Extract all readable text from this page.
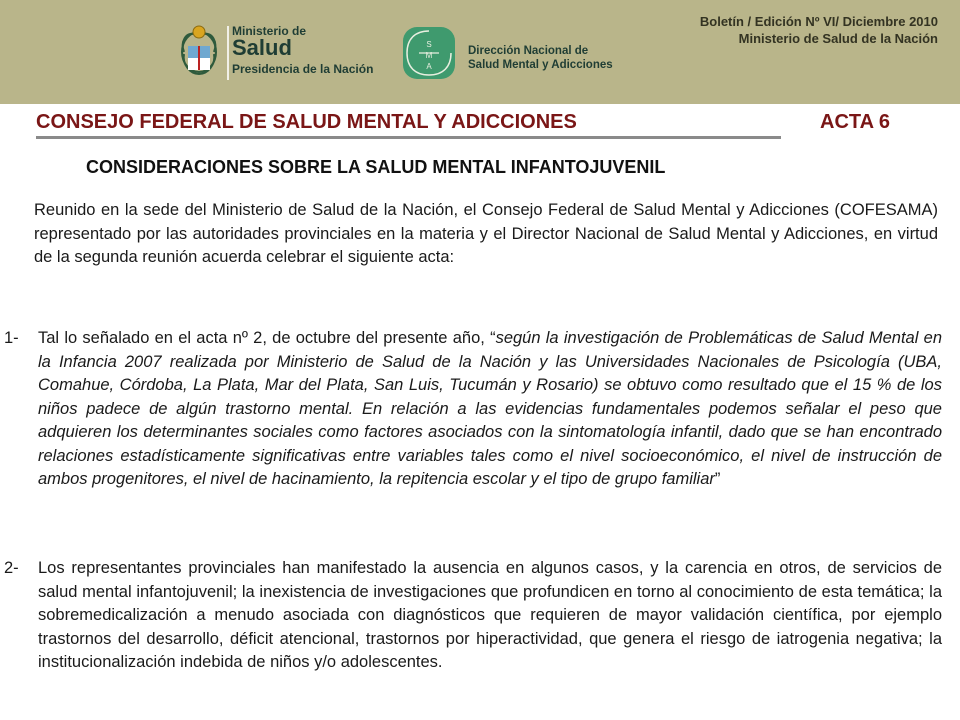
Ministerio de
Salud
Presidencia de la Nación
S
M
A
Dirección Nacional de
Salud Mental y Adicciones
Boletín / Edición Nº VI/ Diciembre 2010
Ministerio de Salud de la Nación
CONSEJO FEDERAL DE SALUD MENTAL Y ADICCIONES	ACTA 6
CONSIDERACIONES SOBRE LA SALUD MENTAL INFANTOJUVENIL

Reunido en la sede del Ministerio de Salud de la Nación, el Consejo Federal de Salud Mental y Adicciones (COFESAMA) representado por las autoridades provinciales en la materia y el Director Nacional de Salud Mental y Adicciones, en virtud de la segunda reunión acuerda celebrar el siguiente acta:

1- Tal lo señalado en el acta nº 2, de octubre del presente año, “según la investigación de Problemáticas de Salud Mental en la Infancia 2007 realizada por Ministerio de Salud de la Nación y las Universidades Nacionales de Psicología (UBA, Comahue, Córdoba, La Plata, Mar del Plata, San Luis, Tucumán y Rosario) se obtuvo como resultado que el 15 % de los niños padece de algún trastorno mental. En relación a las evidencias fundamentales podemos señalar el peso que adquieren los determinantes sociales como factores asociados con la sintomatología infantil, dado que se han encontrado relaciones estadísticamente significativas entre variables tales como el nivel socioeconómico, el nivel de instrucción de ambos progenitores, el nivel de hacinamiento, la repitencia escolar y el tipo de grupo familiar”
2- Los representantes provinciales han manifestado la ausencia en algunos casos, y la carencia en otros, de servicios de salud mental infantojuvenil; la inexistencia de investigaciones que profundicen en torno al conocimiento de esta temática; la sobremedicalización a menudo asociada con diagnósticos que requieren de mayor validación científica, por ejemplo trastornos del desarrollo, déficit atencional, trastornos por hiperactividad, que genera el riesgo de iatrogenia negativa; la institucionalización indebida de niños y/o adolescentes.
